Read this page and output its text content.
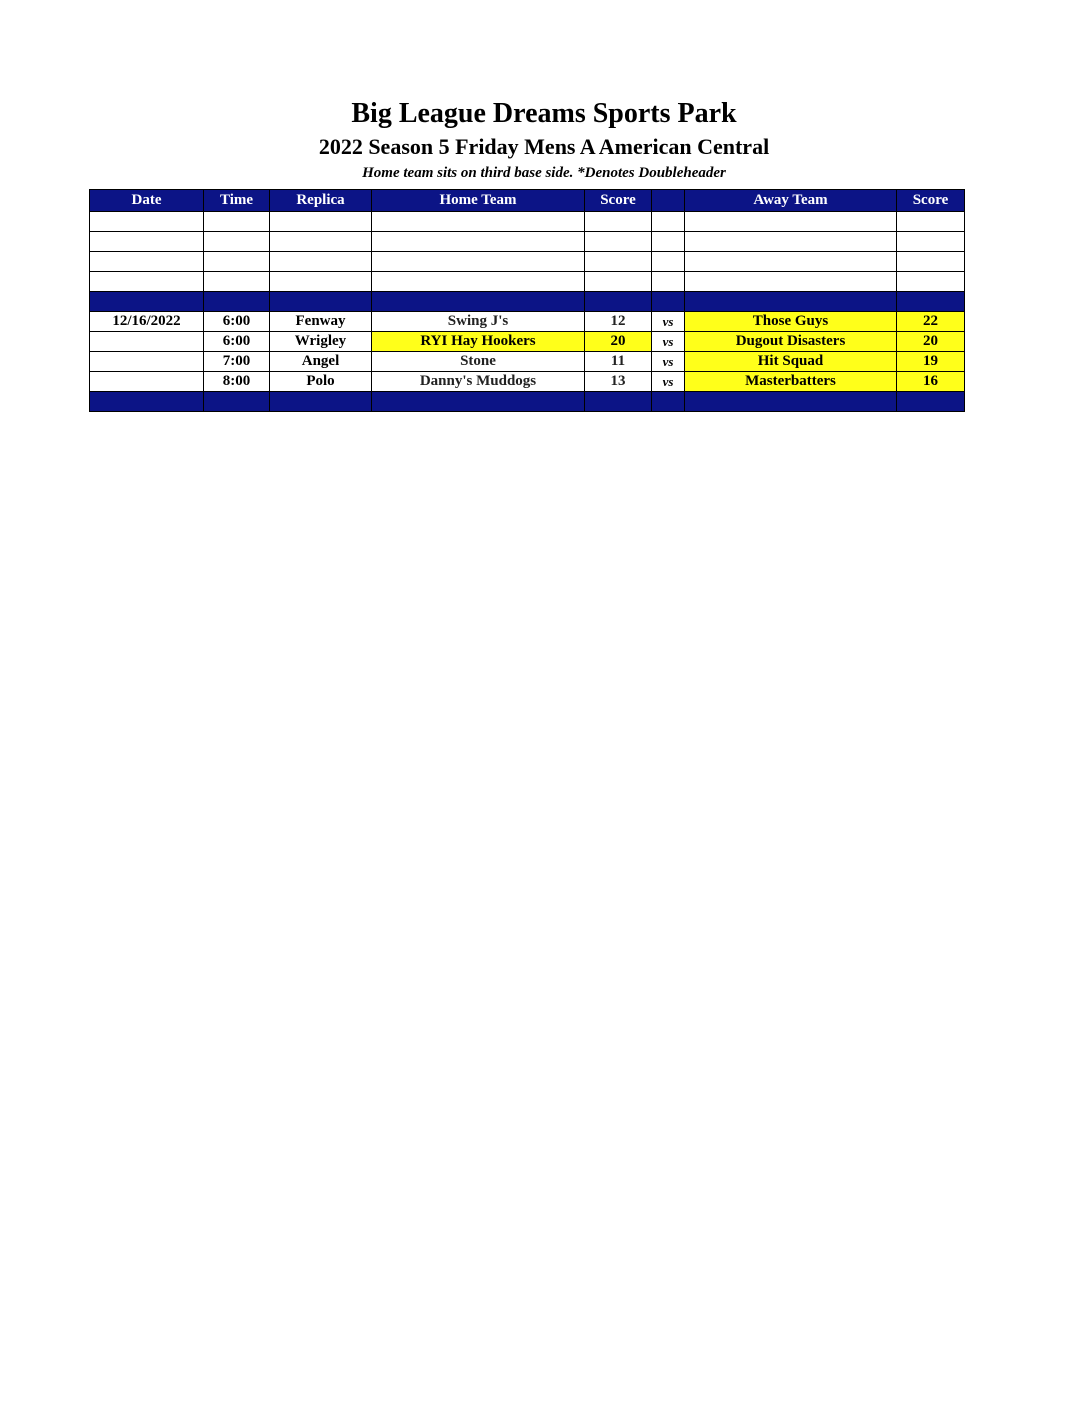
Big League Dreams Sports Park
2022 Season 5 Friday Mens A American Central
Home team sits on third base side. *Denotes Doubleheader
Date	Time	Replica	Home Team	Score		Away Team	Score

12/16/2022	6:00	Fenway	Swing J's	12	vs	Those Guys	22
	6:00	Wrigley	RYI Hay Hookers	20	vs	Dugout Disasters	20
	7:00	Angel	Stone	11	vs	Hit Squad	19
	8:00	Polo	Danny's Muddogs	13	vs	Masterbatters	16
